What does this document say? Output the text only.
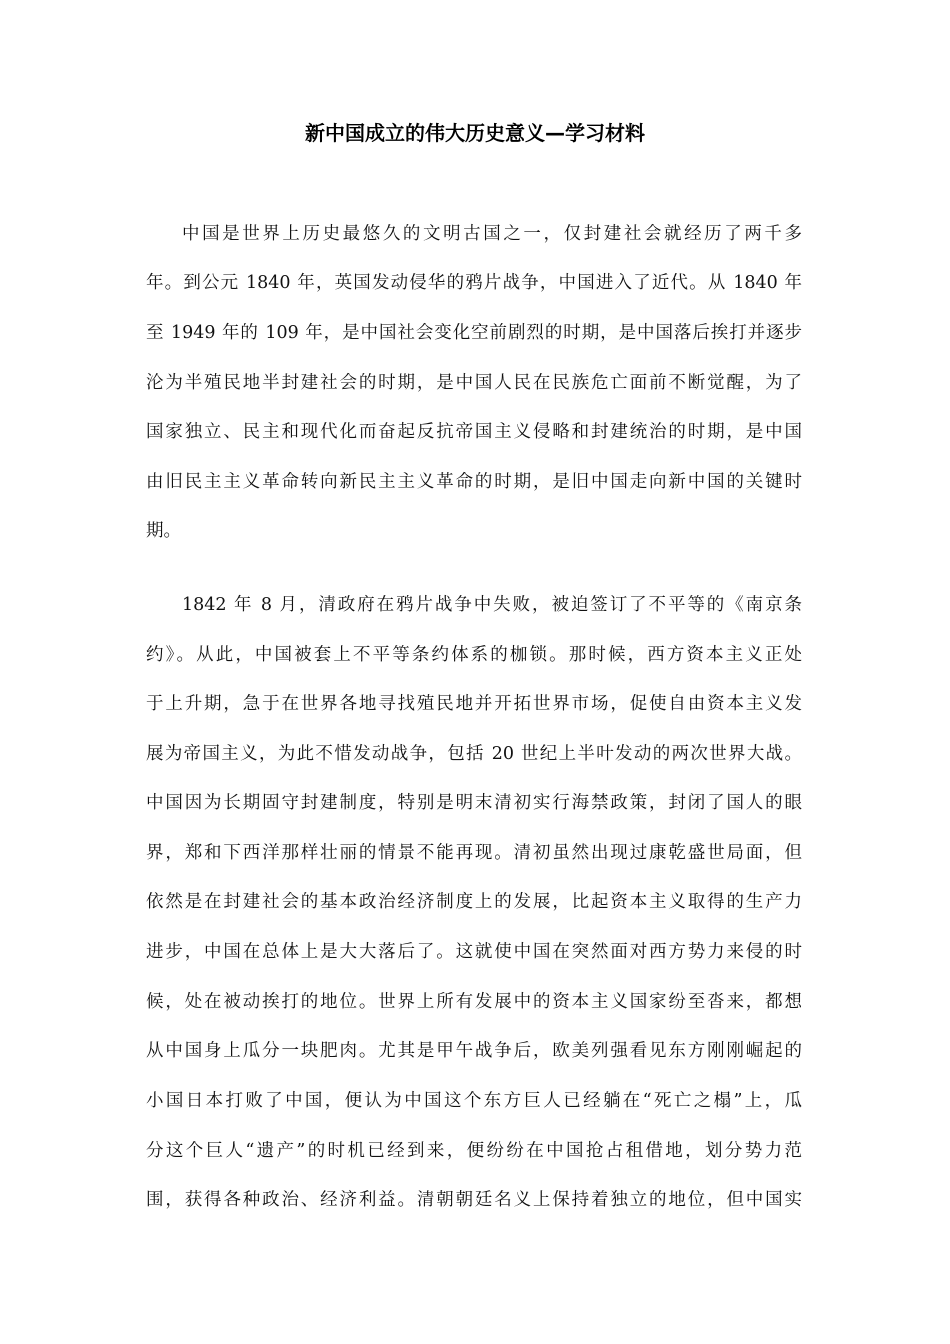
新中国成立的伟大历史意义—学习材料

中国是世界上历史最悠久的文明古国之一，仅封建社会就经历了两千多

年。到公元 1840 年，英国发动侵华的鸦片战争，中国进入了近代。从 1840 年

至 1949 年的 109 年，是中国社会变化空前剧烈的时期，是中国落后挨打并逐步

沦为半殖民地半封建社会的时期，是中国人民在民族危亡面前不断觉醒，为了

国家独立、民主和现代化而奋起反抗帝国主义侵略和封建统治的时期，是中国

由旧民主主义革命转向新民主主义革命的时期，是旧中国走向新中国的关键时

期。

1842 年 8 月，清政府在鸦片战争中失败，被迫签订了不平等的《南京条

约》。从此，中国被套上不平等条约体系的枷锁。那时候，西方资本主义正处

于上升期，急于在世界各地寻找殖民地并开拓世界市场，促使自由资本主义发

展为帝国主义，为此不惜发动战争，包括 20 世纪上半叶发动的两次世界大战。

中国因为长期固守封建制度，特别是明末清初实行海禁政策，封闭了国人的眼

界，郑和下西洋那样壮丽的情景不能再现。清初虽然出现过康乾盛世局面，但

依然是在封建社会的基本政治经济制度上的发展，比起资本主义取得的生产力

进步，中国在总体上是大大落后了。这就使中国在突然面对西方势力来侵的时

候，处在被动挨打的地位。世界上所有发展中的资本主义国家纷至沓来，都想

从中国身上瓜分一块肥肉。尤其是甲午战争后，欧美列强看见东方刚刚崛起的

小国日本打败了中国，便认为中国这个东方巨人已经躺在“死亡之榻”上，瓜

分这个巨人“遗产”的时机已经到来，便纷纷在中国抢占租借地，划分势力范

围，获得各种政治、经济利益。清朝朝廷名义上保持着独立的地位，但中国实
